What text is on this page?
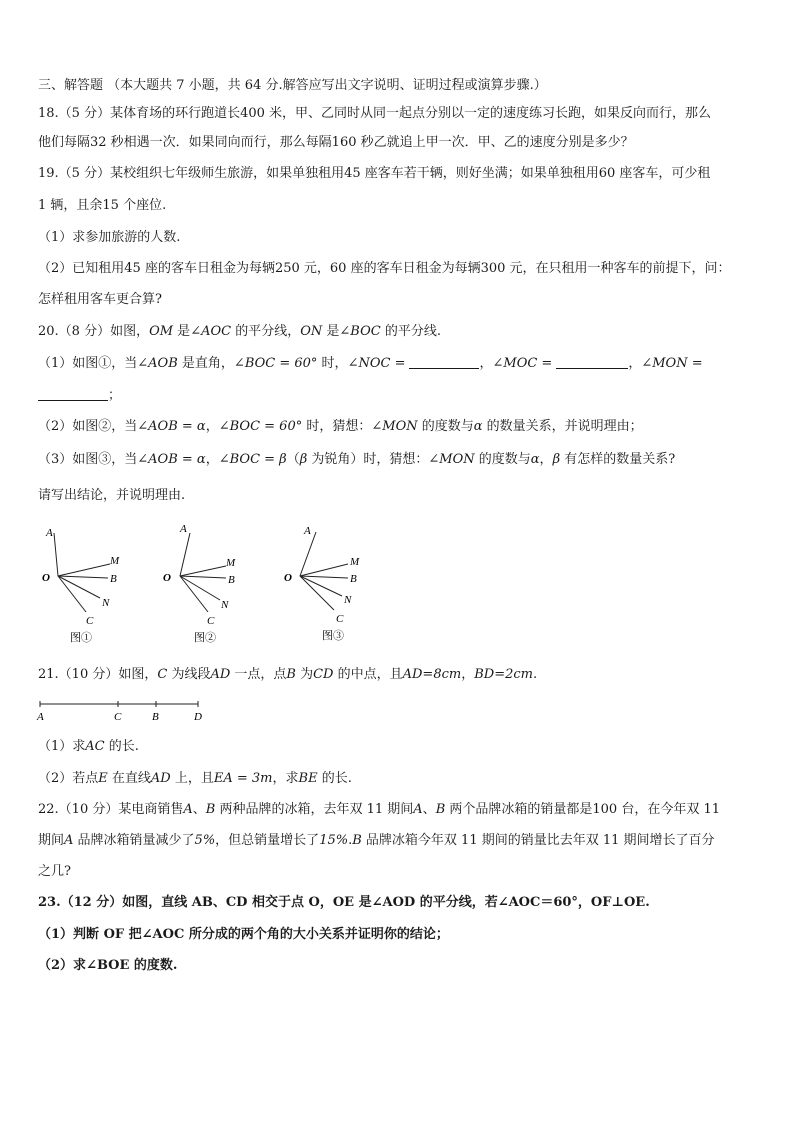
三、解答题 （本大题共 7 小题，共 64 分.解答应写出文字说明、证明过程或演算步骤.）
18.（5 分）某体育场的环行跑道长400 米，甲、乙同时从同一起点分别以一定的速度练习长跑，如果反向而行，那么
他们每隔32 秒相遇一次．如果同向而行，那么每隔160 秒乙就追上甲一次．甲、乙的速度分别是多少？
19.（5 分）某校组织七年级师生旅游，如果单独租用45 座客车若干辆，则好坐满；如果单独租用60 座客车，可少租
1 辆，且余15 个座位.
（1）求参加旅游的人数.
（2）已知租用45 座的客车日租金为每辆250 元，60 座的客车日租金为每辆300 元，在只租用一种客车的前提下，问：
怎样租用客车更合算?
20.（8 分）如图，OM 是∠AOC 的平分线，ON 是∠BOC 的平分线.
（1）如图①，当∠AOB 是直角，∠BOC = 60° 时，∠NOC =	，∠MOC =	，∠MON =
；
（2）如图②，当∠AOB = α，∠BOC = 60° 时，猜想：∠MON 的度数与α 的数量关系，并说明理由；
（3）如图③，当∠AOB = α，∠BOC = β（β 为锐角）时，猜想：∠MON 的度数与α，β 有怎样的数量关系?
请写出结论，并说明理由.
A
O
M
B
N
C
图①
A
O
M
B
N
C
图②
A
O
M
B
N
C
图③
21.（10 分）如图，C 为线段AD 一点，点B 为CD 的中点，且AD=8cm，BD=2cm.
A	C	B	D
（1）求AC 的长.
（2）若点E 在直线AD 上，且EA = 3m，求BE 的长.
22.（10 分）某电商销售A、B 两种品牌的冰箱，去年双 11 期间A、B 两个品牌冰箱的销量都是100 台，在今年双 11
期间A 品牌冰箱销量减少了5%，但总销量增长了15%.B 品牌冰箱今年双 11 期间的销量比去年双 11 期间增长了百分
之几?
23.（12 分）如图，直线 AB、CD 相交于点 O，OE 是∠AOD 的平分线，若∠AOC＝60°，OF⊥OE.
（1）判断 OF 把∠AOC 所分成的两个角的大小关系并证明你的结论；
（2）求∠BOE 的度数.
